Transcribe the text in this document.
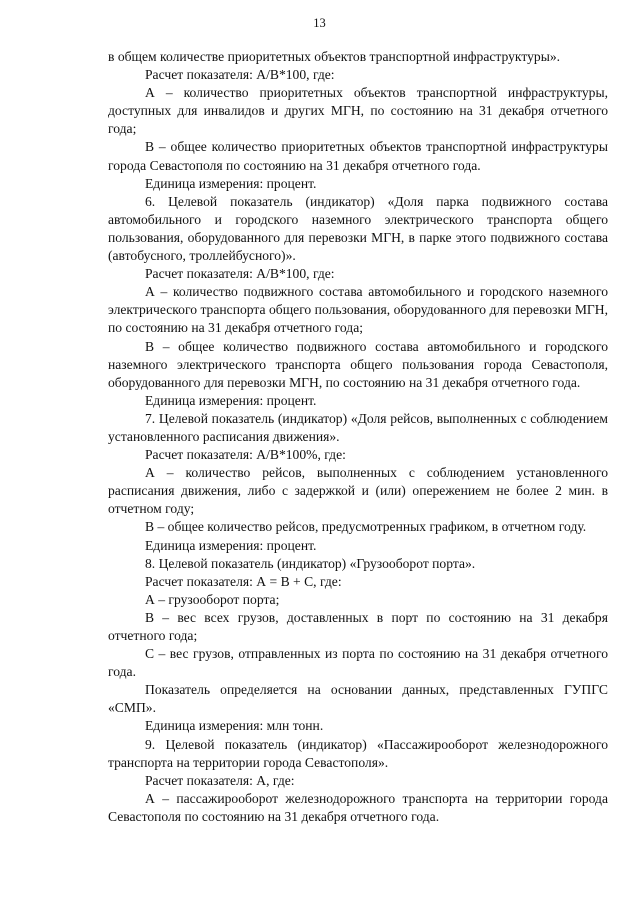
13

в общем количестве приоритетных объектов транспортной инфраструктуры».

Расчет показателя: А/В*100, где:

А – количество приоритетных объектов транспортной инфраструктуры, доступных для инвалидов и других МГН, по состоянию на 31 декабря отчетного года;

В – общее количество приоритетных объектов транспортной инфраструктуры города Севастополя по состоянию на 31 декабря отчетного года.

Единица измерения: процент.

6. Целевой показатель (индикатор) «Доля парка подвижного состава автомобильного и городского наземного электрического транспорта общего пользования, оборудованного для перевозки МГН, в парке этого подвижного состава (автобусного, троллейбусного)».

Расчет показателя: А/В*100, где:

А – количество подвижного состава автомобильного и городского наземного электрического транспорта общего пользования, оборудованного для перевозки МГН, по состоянию на 31 декабря отчетного года;

В – общее количество подвижного состава автомобильного и городского наземного электрического транспорта общего пользования города Севастополя, оборудованного для перевозки МГН, по состоянию на 31 декабря отчетного года.

Единица измерения: процент.

7. Целевой показатель (индикатор) «Доля рейсов, выполненных с соблюдением установленного расписания движения».

Расчет показателя: А/В*100%, где:

А – количество рейсов, выполненных с соблюдением установленного расписания движения, либо с задержкой и (или) опережением не более 2 мин. в отчетном году;

В – общее количество рейсов, предусмотренных графиком, в отчетном году.

Единица измерения: процент.

8. Целевой показатель (индикатор) «Грузооборот порта».

Расчет показателя: А = В + С, где:

А – грузооборот порта;

В – вес всех грузов, доставленных в порт по состоянию на 31 декабря отчетного года;

С – вес грузов, отправленных из порта по состоянию на 31 декабря отчетного года.

Показатель определяется на основании данных, представленных ГУПГС «СМП».

Единица измерения: млн тонн.

9. Целевой показатель (индикатор) «Пассажирооборот железнодорожного транспорта на территории города Севастополя».

Расчет показателя: А, где:

А – пассажирооборот железнодорожного транспорта на территории города Севастополя по состоянию на 31 декабря отчетного года.
